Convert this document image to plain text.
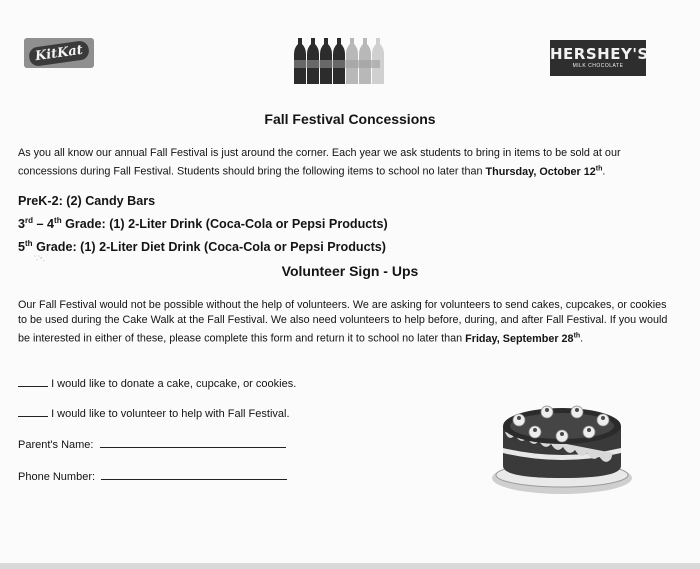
KitKat	HERSHEY'S
MILK CHOCOLATE
Fall Festival Concessions

As you all know our annual Fall Festival is just around the corner. Each year we ask students to bring in items to be sold at our concessions during Fall Festival. Students should bring the following items to school no later than Thursday, October 12th.

PreK-2: (2) Candy Bars
3rd – 4th Grade: (1) 2-Liter Drink (Coca-Cola or Pepsi Products)
5th Grade: (1) 2-Liter Diet Drink (Coca-Cola or Pepsi Products)
∵ꞏ.
Volunteer Sign - Ups

Our Fall Festival would not be possible without the help of volunteers. We are asking for volunteers to send cakes, cupcakes, or cookies to be used during the Cake Walk at the Fall Festival. We also need volunteers to help before, during, and after Fall Festival. If you would be interested in either of these, please complete this form and return it to school no later than Friday, September 28th.

I would like to donate a cake, cupcake, or cookies.
I would like to volunteer to help with Fall Festival.
Parent's Name:
Phone Number:
